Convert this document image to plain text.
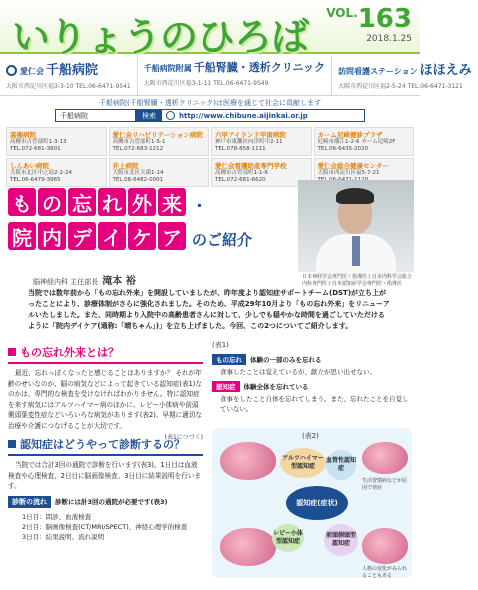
いりょうのひろば
$^{VOL.}$163
2018.1.25
愛仁会 千船病院
大阪市西淀川区福3-3-10 TEL.06-6471-9541
千船病院附属 千船腎臓・透析クリニック
大阪市西淀川区福3-1-11 TEL.06-6471-9549
訪問看護ステーション ほほえみ
大阪市西淀川区福2-5-24 TEL.06-6471-3121
千船病院(千船腎臓・透析クリニック)は医療を通じて社会に貢献します
千船病院	検索	http://www.chibune.aijinkai.or.jp
高槻病院
高槻市古曽部町1-3-13
TEL.072-681-3801
愛仁会リハビリテーション病院
高槻市古曽部町1-5-1
TEL.072-683-1212
六甲アイランド甲南病院
神戸市東灘区向洋町中2-11
TEL.078-858-1111
カーム尼崎健診プラザ
尼崎市潮江1-2-6 カーム尼崎2F
TEL.06-6435-2020
しんあい病院
大阪市北区中之島2-2-24
TEL.06-6479-3965
井上病院
大阪市北区天満1-14
TEL.06-6482-0001
愛仁会看護助産専門学校
高槻市古曽部町1-1-6
TEL.072-681-6620
愛仁会総合健康センター
大阪市西淀川区福5-7-21
も の 忘 れ 外 来 ・
院 内 デ イ ケ ア のご紹介
脳神経内科 主任部長 滝本 裕	日本神経学会専門医・指導医 / 日本内科学会総合内科専門医 / 日本認知症学会専門医・指導医
当院では数年前から「もの忘れ外来」を開設していましたが、昨年度より認知症サポートチーム(DST)が立ち上がったことにより、診療体制がさらに強化されました。そのため、平成29年10月より「もの忘れ外来」をリニューアルいたしました。また、同時期より入院中の高齢患者さんに対して、少しでも穏やかな時間を過ごしていただけるように「院内デイケア(通称:「晴ちゃん」)」を立ち上げました。今回、この2つについてご紹介します。
もの忘れ外来とは？
最近、忘れっぽくなったと感じることはありますか？ それが年齢のせいなのか、脳の病気などによって起きている認知症(表1)なのかは、専門的な検査を受けなければわかりません。特に認知症を来す病気にはアルツハイマー病のほかに、レビー小体病や前頭側頭葉変性症などいろいろな病気があります(表2)。早期に適切な治療や介護につなげることが大切です。
(表1につづく)
認知症はどうやって診断するの？
当院では合計3回の通院で診断を行います(表3)。1日目は血液検査や心理検査、2日目に脳画像検査、3日目に結果説明を行います。
診断の流れ	診断には計3回の通院が必要です(表3)
1日目：問診、血液検査
2日目：脳画像検査(CT/MRI/SPECT)、神経心理学的検査
3日目：結果説明、流れ説明
(表1)
もの忘れ	体験の一部のみを忘れる
食事したことは覚えているが、献立が思い出せない。
認知症	体験全体を忘れている
食事をしたこと自体を忘れてしまう。また、忘れたことを自覚していない。
(表2)
アルツハイマー型認知症
血管性認知症
レビー小体型認知症
前頭側頭型認知症
認知症(症状)
生活習慣病などが原因で発症
人格の変化がみられることもある
